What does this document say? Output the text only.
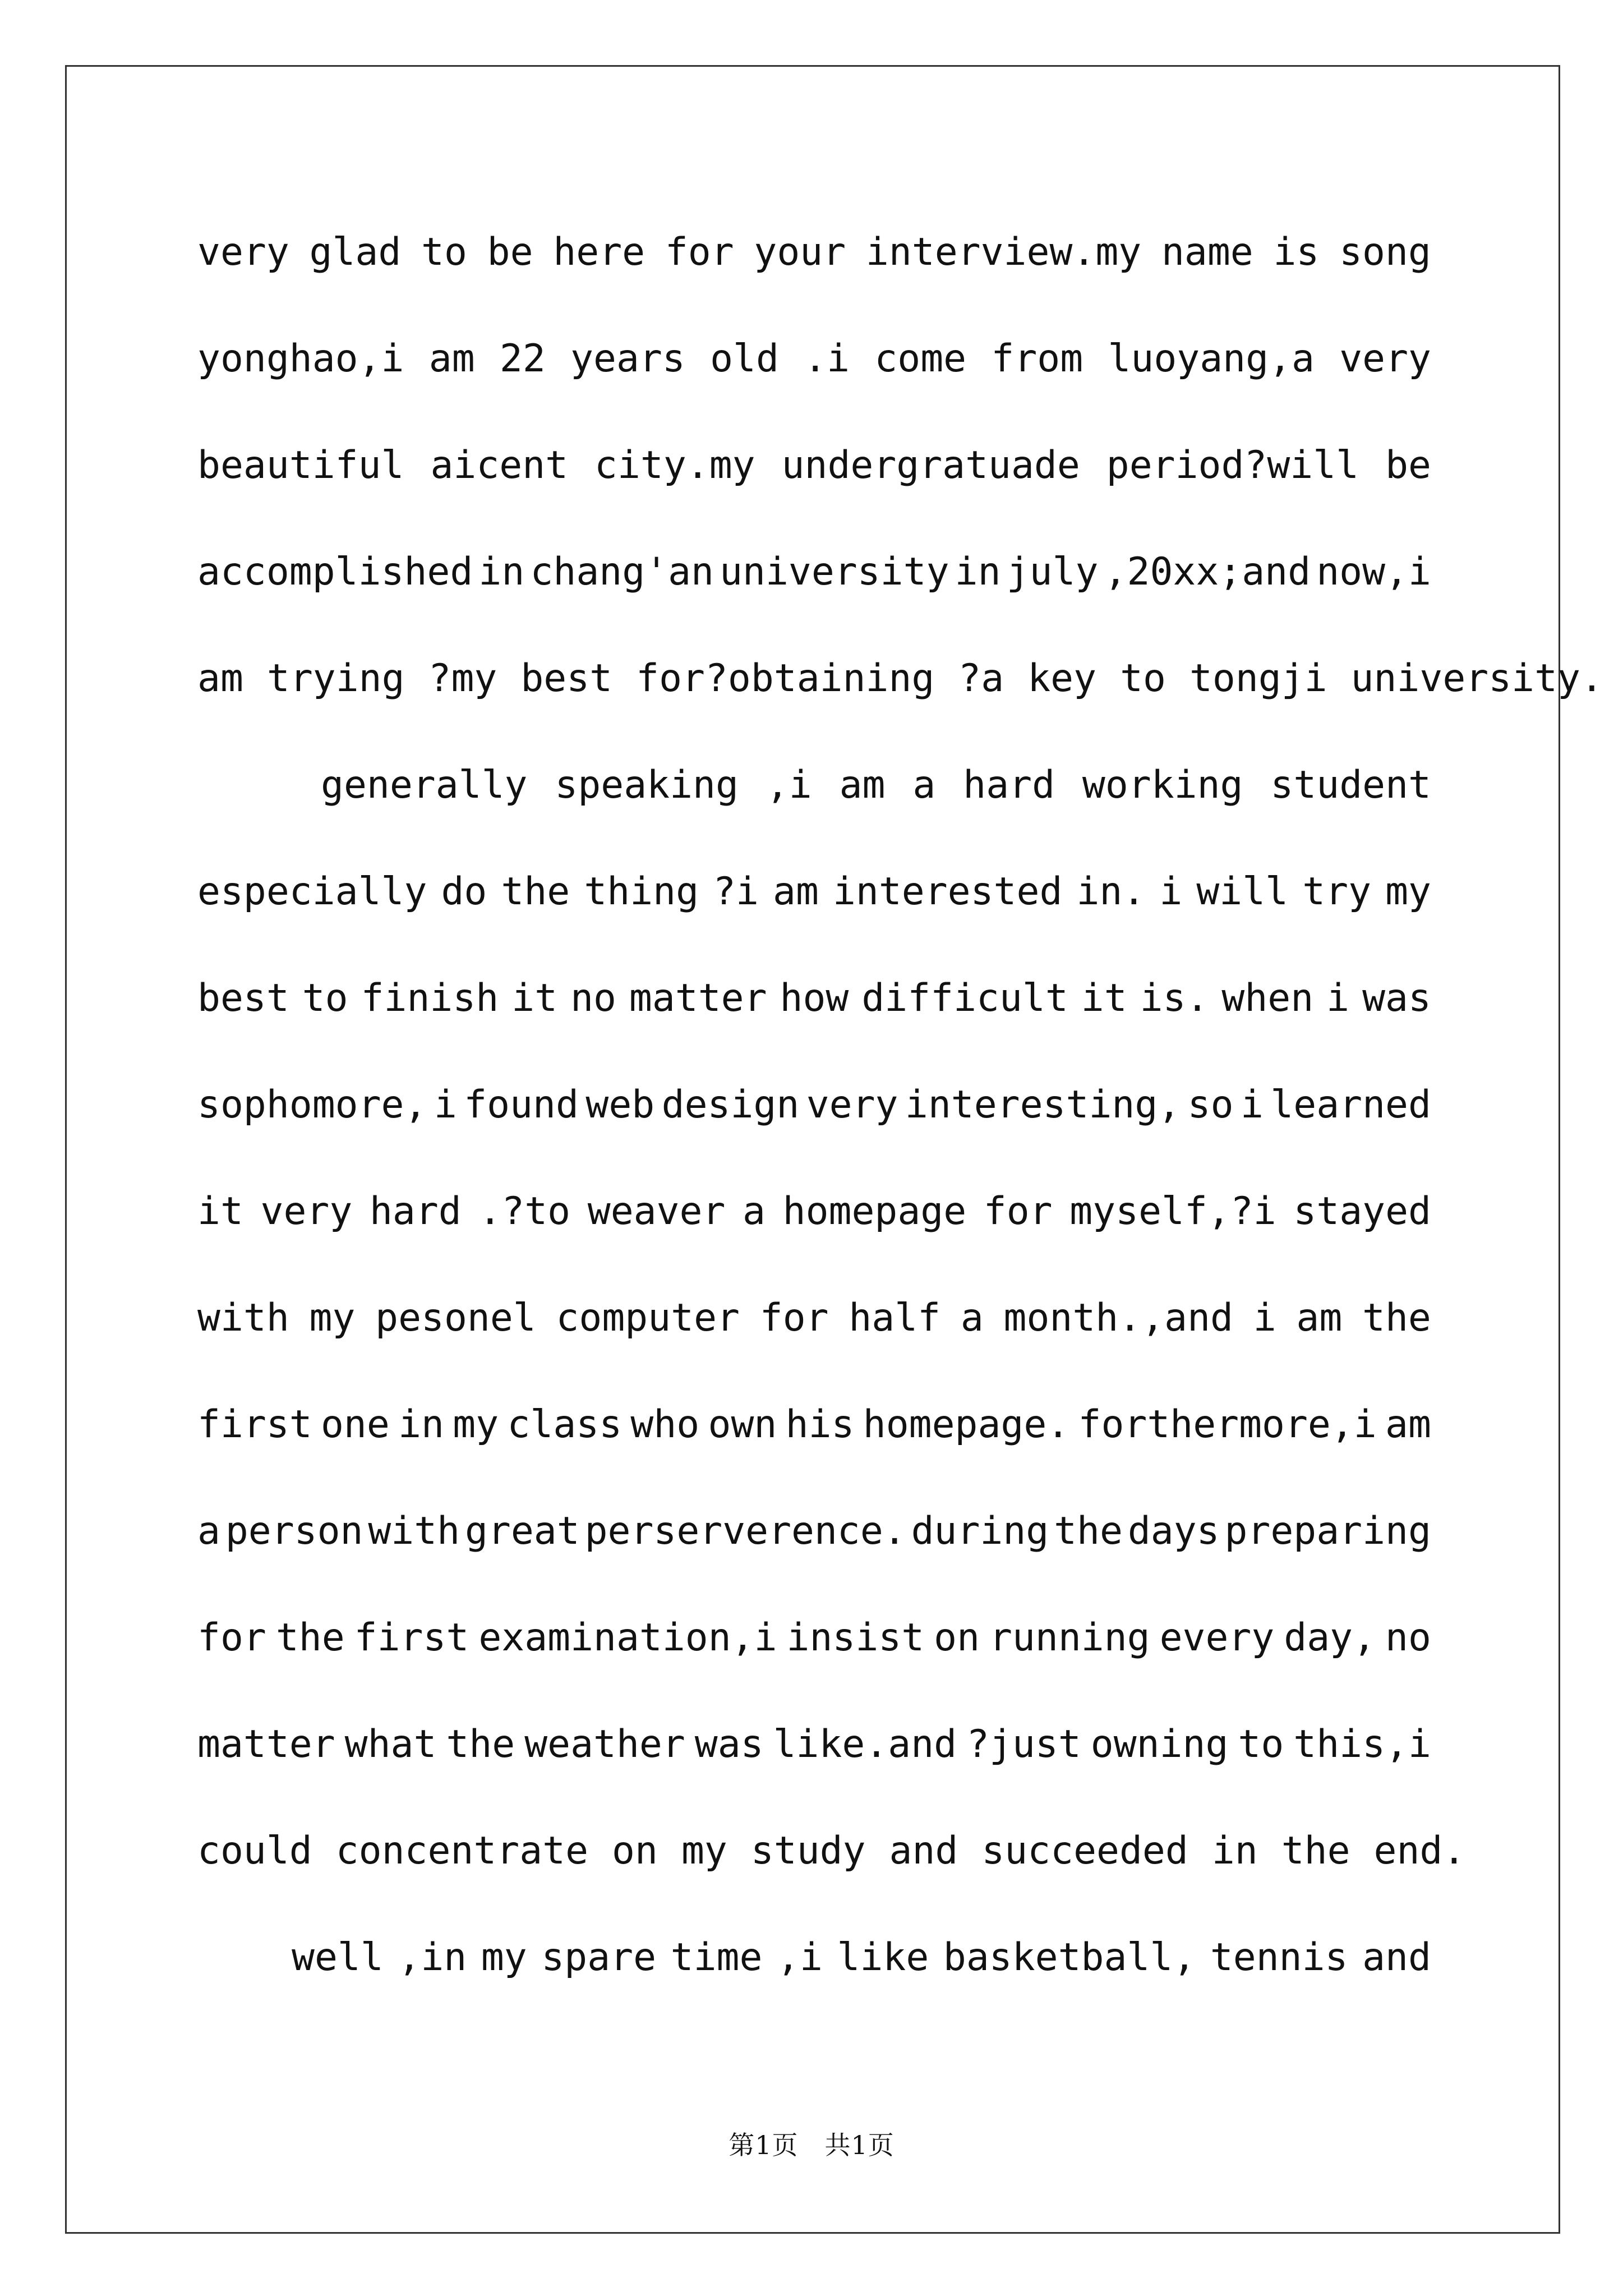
very glad to be here for your interview.my name is song
yonghao,i am 22 years old .i come from luoyang,a very
beautiful aicent city.my undergratuade period?will be
accomplished in chang'an university in july ,20xx;and now,i
am trying ?my best for?obtaining ?a key to tongji university.
generally speaking ,i am a hard working student
especially do the thing ?i am interested in. i will try my
best to finish it no matter how difficult it is. when i was
sophomore, i found web design very interesting, so i learned
it very hard .?to weaver a homepage for myself,?i stayed
with my pesonel computer for half a month.,and i am the
first one in my class who own his homepage. forthermore,i am
a person with great perserverence. during the days preparing
for the first examination,i insist on running every day, no
matter what the weather was like.and ?just owning to this,i
could concentrate on my study and succeeded in the end.
well ,in my spare time ,i like basketball, tennis and
第1页　共1页
